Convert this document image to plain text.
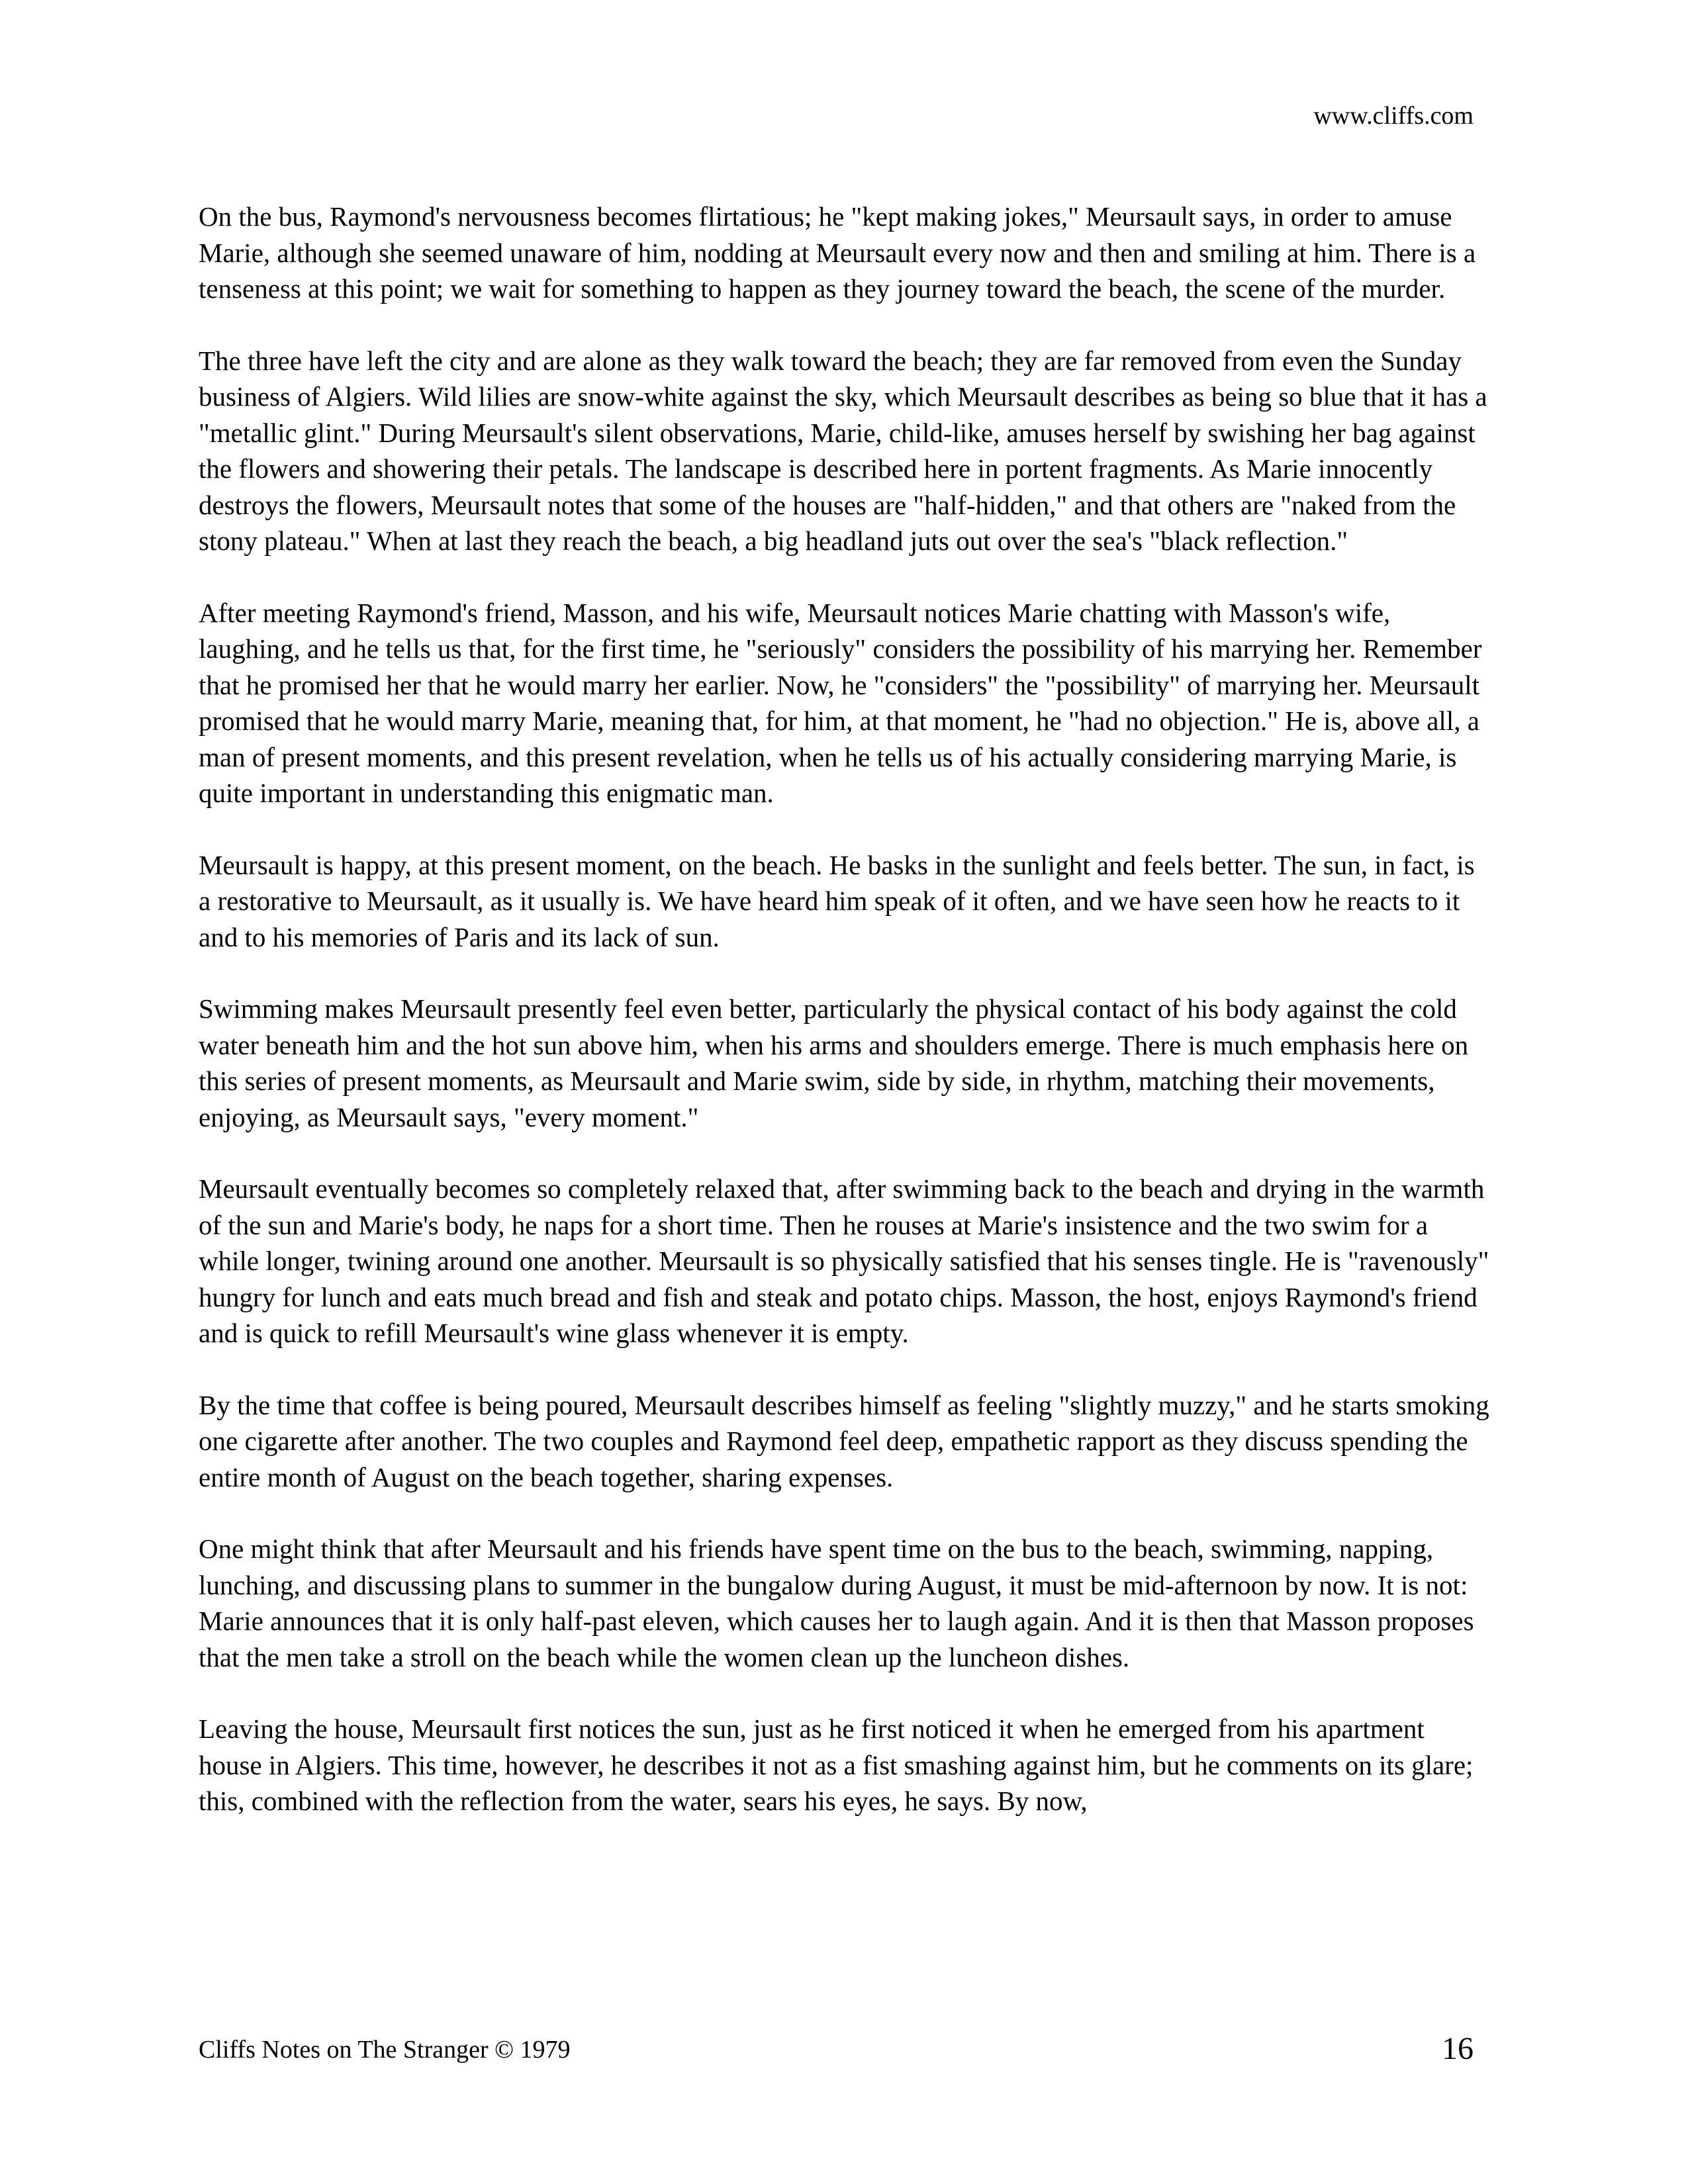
www.cliffs.com

On the bus, Raymond's nervousness becomes flirtatious; he "kept making jokes," Meursault says, in order to amuse Marie, although she seemed unaware of him, nodding at Meursault every now and then and smiling at him. There is a tenseness at this point; we wait for something to happen as they journey toward the beach, the scene of the murder.

The three have left the city and are alone as they walk toward the beach; they are far removed from even the Sunday business of Algiers. Wild lilies are snow-white against the sky, which Meursault describes as being so blue that it has a "metallic glint." During Meursault's silent observations, Marie, child-like, amuses herself by swishing her bag against the flowers and showering their petals. The landscape is described here in portent fragments. As Marie innocently destroys the flowers, Meursault notes that some of the houses are "half-hidden," and that others are "naked from the stony plateau." When at last they reach the beach, a big headland juts out over the sea's "black reflection."

After meeting Raymond's friend, Masson, and his wife, Meursault notices Marie chatting with Masson's wife, laughing, and he tells us that, for the first time, he "seriously" considers the possibility of his marrying her. Remember that he promised her that he would marry her earlier. Now, he "considers" the "possibility" of marrying her. Meursault promised that he would marry Marie, meaning that, for him, at that moment, he "had no objection." He is, above all, a man of present moments, and this present revelation, when he tells us of his actually considering marrying Marie, is quite important in understanding this enigmatic man.

Meursault is happy, at this present moment, on the beach. He basks in the sunlight and feels better. The sun, in fact, is a restorative to Meursault, as it usually is. We have heard him speak of it often, and we have seen how he reacts to it and to his memories of Paris and its lack of sun.

Swimming makes Meursault presently feel even better, particularly the physical contact of his body against the cold water beneath him and the hot sun above him, when his arms and shoulders emerge. There is much emphasis here on this series of present moments, as Meursault and Marie swim, side by side, in rhythm, matching their movements, enjoying, as Meursault says, "every moment."

Meursault eventually becomes so completely relaxed that, after swimming back to the beach and drying in the warmth of the sun and Marie's body, he naps for a short time. Then he rouses at Marie's insistence and the two swim for a while longer, twining around one another. Meursault is so physically satisfied that his senses tingle. He is "ravenously" hungry for lunch and eats much bread and fish and steak and potato chips. Masson, the host, enjoys Raymond's friend and is quick to refill Meursault's wine glass whenever it is empty.

By the time that coffee is being poured, Meursault describes himself as feeling "slightly muzzy," and he starts smoking one cigarette after another. The two couples and Raymond feel deep, empathetic rapport as they discuss spending the entire month of August on the beach together, sharing expenses.

One might think that after Meursault and his friends have spent time on the bus to the beach, swimming, napping, lunching, and discussing plans to summer in the bungalow during August, it must be mid-afternoon by now. It is not: Marie announces that it is only half-past eleven, which causes her to laugh again. And it is then that Masson proposes that the men take a stroll on the beach while the women clean up the luncheon dishes.

Leaving the house, Meursault first notices the sun, just as he first noticed it when he emerged from his apartment house in Algiers. This time, however, he describes it not as a fist smashing against him, but he comments on its glare; this, combined with the reflection from the water, sears his eyes, he says. By now,

Cliffs Notes on The Stranger © 1979	16
